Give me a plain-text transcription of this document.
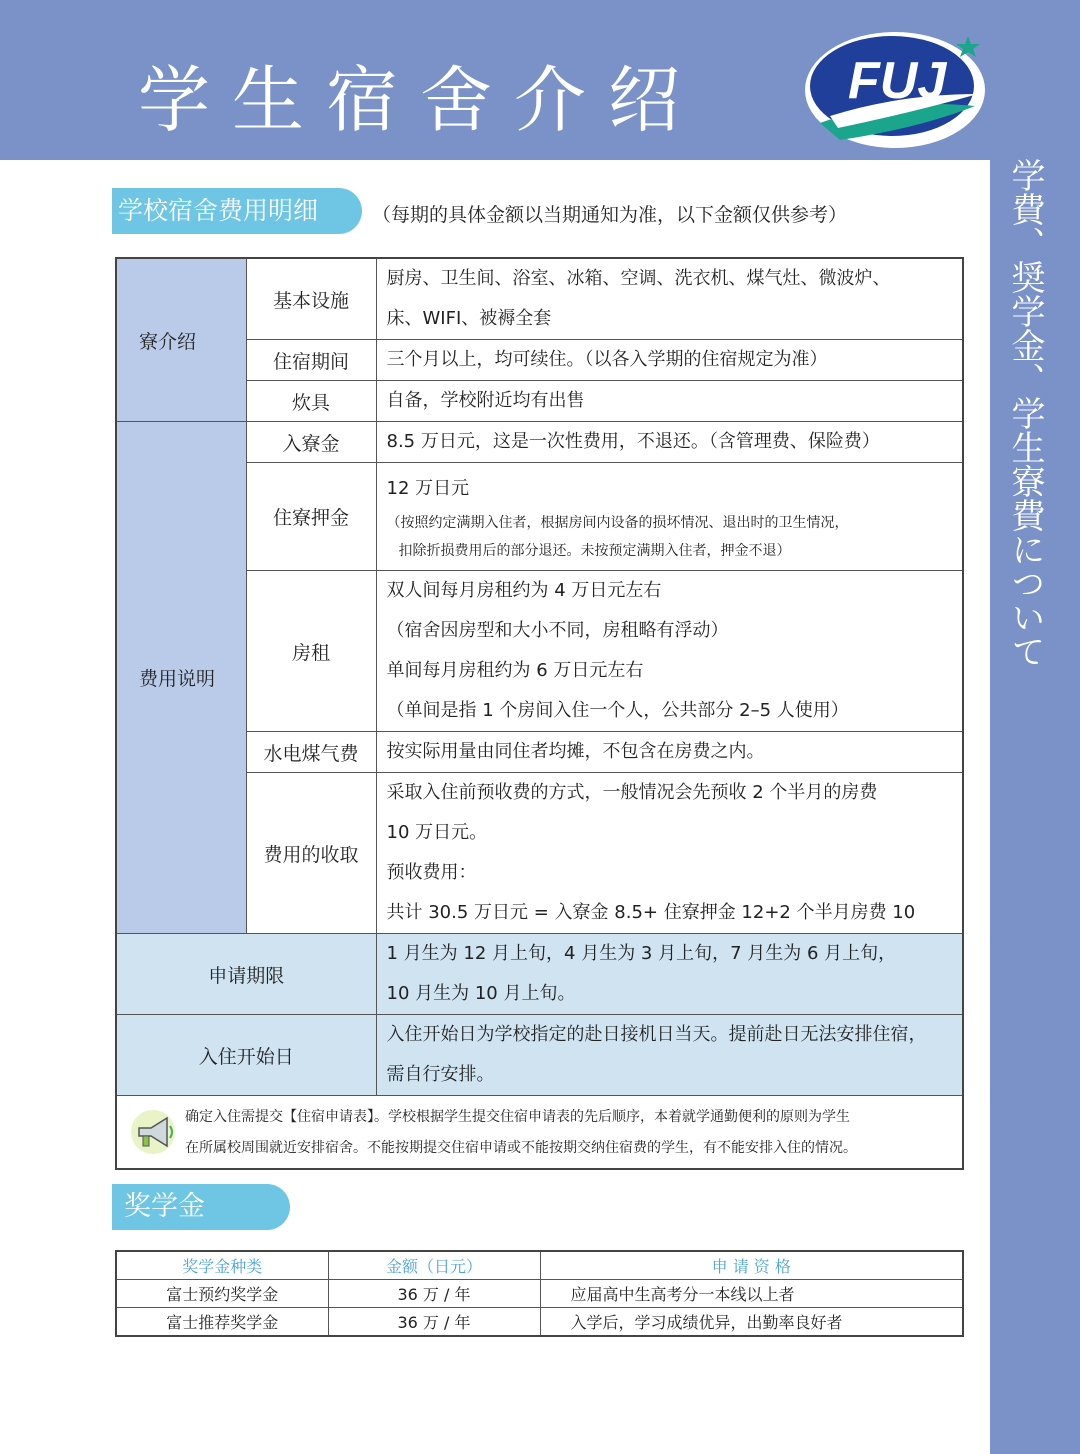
学生宿舍介绍	FUJ
学費、奨学金、学生寮費について
学校宿舍费用明细	（每期的具体金额以当期通知为准，以下金额仅供参考）
寮介绍	基本设施	厨房、卫生间、浴室、冰箱、空调、洗衣机、煤气灶、微波炉、
床、WIFI、被褥全套

	住宿期间	三个月以上，均可续住。（以各入学期的住宿规定为准）

	炊具	自备，学校附近均有出售

费用说明	入寮金	8.5 万日元，这是一次性费用，不退还。（含管理费、保险费）

	住寮押金	12 万日元
（按照约定满期入住者，根据房间内设备的损坏情况、退出时的卫生情况，
扣除折损费用后的部分退还。未按预定满期入住者，押金不退）

	房租	双人间每月房租约为 4 万日元左右
（宿舍因房型和大小不同，房租略有浮动）
单间每月房租约为 6 万日元左右
（单间是指 1 个房间入住一个人，公共部分 2–5 人使用）

	水电煤气费	按实际用量由同住者均摊，不包含在房费之内。

	费用的收取	采取入住前预收费的方式，一般情况会先预收 2 个半月的房费
10 万日元。
预收费用：
共计 30.5 万日元 = 入寮金 8.5+ 住寮押金 12+2 个半月房费 10

申请期限		1 月生为 12 月上旬，4 月生为 3 月上旬，7 月生为 6 月上旬，
10 月生为 10 月上旬。

入住开始日		入住开始日为学校指定的赴日接机日当天。提前赴日无法安排住宿，
需自行安排。

确定入住需提交【住宿申请表】。学校根据学生提交住宿申请表的先后顺序，本着就学通勤便利的原则为学生
在所属校周围就近安排宿舍。不能按期提交住宿申请或不能按期交纳住宿费的学生，有不能安排入住的情况。		
奖学金
奖学金种类	金额（日元）	申 请 资 格
富士预约奖学金	36 万 / 年	应届高中生高考分一本线以上者
富士推荐奖学金	36 万 / 年	入学后，学习成绩优异，出勤率良好者
